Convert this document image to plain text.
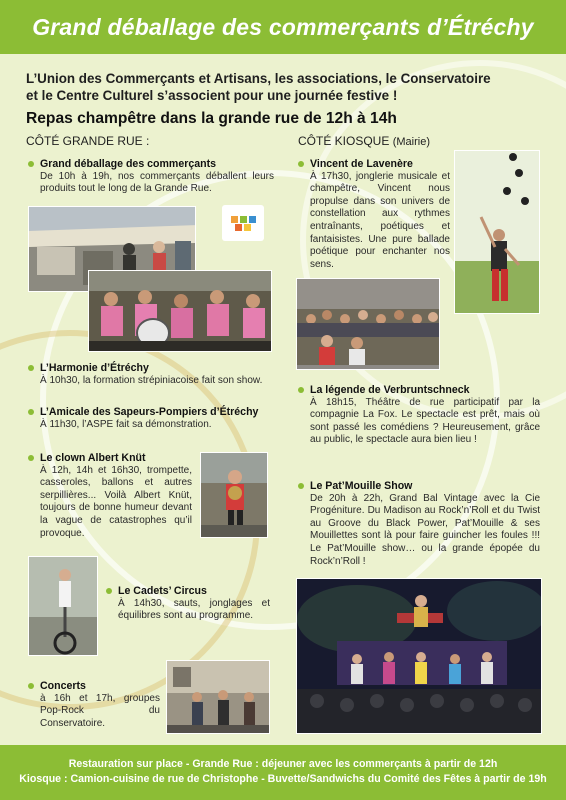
Grand déballage des commerçants d’Étréchy
L’Union des Commerçants et Artisans, les associations, le Conservatoire
et le Centre Culturel s’associent pour une journée festive !
Repas champêtre dans la grande rue de 12h à 14h
CÔTÉ GRANDE RUE :	CÔTÉ KIOSQUE (Mairie)
Grand déballage des commerçants
De 10h à 19h, nos commerçants déballent leurs produits tout le long de la Grande Rue.
L’Harmonie d’Étréchy
À 10h30, la formation strépiniacoise fait son show.
L’Amicale des Sapeurs-Pompiers d’Étréchy
À 11h30, l’ASPE fait sa démonstration.
Le clown Albert Knüt
À 12h, 14h et 16h30, trompette, casseroles, ballons et autres serpillières... Voilà Albert Knüt, toujours de bonne humeur devant la vague de catastrophes qu’il provoque.
Le Cadets’ Circus
À 14h30, sauts, jonglages et équilibres sont au programme.
Concerts
à 16h et 17h, groupes Pop-Rock du Conservatoire.
Vincent de Lavenère
À 17h30, jonglerie musicale et champêtre, Vincent nous propulse dans son univers de constellation aux rythmes entraînants, poétiques et fantaisistes. Une pure ballade poétique pour enchanter nos sens.
La légende de Verbruntschneck
À 18h15, Théâtre de rue participatif par la compagnie La Fox. Le spectacle est prêt, mais où sont passé les comédiens ? Heureusement, grâce au public, le spectacle aura bien lieu !
Le Pat’Mouille Show
De 20h à 22h, Grand Bal Vintage avec la Cie Progéniture. Du Madison au Rock’n’Roll et du Twist au Groove du Black Power, Pat’Mouille & ses Mouillettes sont là pour faire guincher les foules !!! Le Pat’Mouille show… ou la grande épopée du Rock’n’Roll !
Restauration sur place - Grande Rue : déjeuner avec les commerçants à partir de 12h
Kiosque : Camion-cuisine de rue de Christophe - Buvette/Sandwichs du Comité des Fêtes à partir de 19h
